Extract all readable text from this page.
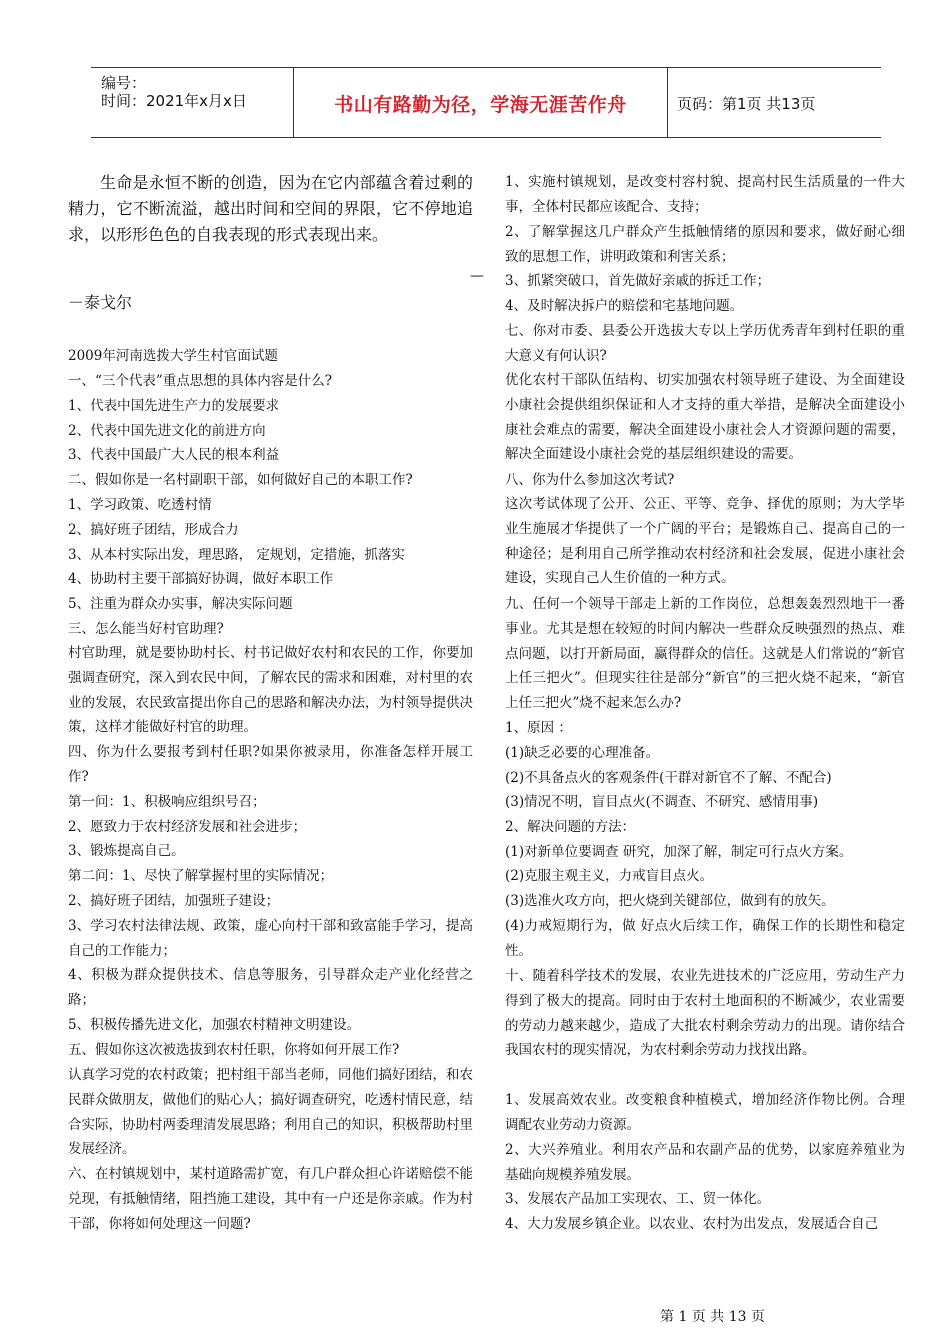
编号：
时间：2021年x月x日	书山有路勤为径，学海无涯苦作舟	页码：第1页 共13页
生命是永恒不断的创造，因为在它内部蕴含着过剩的精力，它不断流溢，越出时间和空间的界限，它不停地追求，以形形色色的自我表现的形式表现出来。
—
－泰戈尔

2009年河南选拨大学生村官面试题

一、“三个代表”重点思想的具体内容是什么?

1、代表中国先进生产力的发展要求

2、代表中国先进文化的前进方向

3、代表中国最广大人民的根本利益

二、假如你是一名村副职干部，如何做好自己的本职工作?

1、学习政策、吃透村情

2、搞好班子团结，形成合力

3、从本村实际出发，理思路， 定规划，定措施，抓落实

4、协助村主要干部搞好协调，做好本职工作

5、注重为群众办实事，解决实际问题

三、怎么能当好村官助理?

村官助理，就是要协助村长、村书记做好农村和农民的工作，你要加强调查研究，深入到农民中间，了解农民的需求和困难，对村里的农业的发展，农民致富提出你自己的思路和解决办法，为村领导提供决策，这样才能做好村官的助理。

四、你为什么要报考到村任职?如果你被录用，你准备怎样开展工作?

第一问：1、积极响应组织号召；

2、愿致力于农村经济发展和社会进步；

3、锻炼提高自己。

第二问：1、尽快了解掌握村里的实际情况；

2、搞好班子团结，加强班子建设；

3、学习农村法律法规、政策，虚心向村干部和致富能手学习，提高自己的工作能力；

4、积极为群众提供技术、信息等服务，引导群众走产业化经营之路；

5、积极传播先进文化，加强农村精神文明建设。

五、假如你这次被选拔到农村任职，你将如何开展工作?

认真学习党的农村政策；把村组干部当老师，同他们搞好团结，和农民群众做朋友，做他们的贴心人；搞好调查研究，吃透村情民意，结合实际，协助村两委理清发展思路；利用自己的知识，积极帮助村里发展经济。

六、在村镇规划中，某村道路需扩宽，有几户群众担心许诺赔偿不能兑现，有抵触情绪，阻挡施工建设，其中有一户还是你亲戚。作为村干部，你将如何处理这一问题?

1、实施村镇规划，是改变村容村貌、提高村民生活质量的一件大事，全体村民都应该配合、支持；

2、了解掌握这几户群众产生抵触情绪的原因和要求，做好耐心细致的思想工作，讲明政策和利害关系；

3、抓紧突破口，首先做好亲戚的拆迁工作；

4、及时解决拆户的赔偿和宅基地问题。

七、你对市委、县委公开选拔大专以上学历优秀青年到村任职的重大意义有何认识?

优化农村干部队伍结构、切实加强农村领导班子建设、为全面建设小康社会提供组织保证和人才支持的重大举措，是解决全面建设小康社会难点的需要，解决全面建设小康社会人才资源问题的需要，解决全面建设小康社会党的基层组织建设的需要。

八、你为什么参加这次考试?

这次考试体现了公开、公正、平等、竞争、择优的原则；为大学毕业生施展才华提供了一个广阔的平台；是锻炼自己、提高自己的一种途径；是利用自己所学推动农村经济和社会发展，促进小康社会建设，实现自己人生价值的一种方式。

九、任何一个领导干部走上新的工作岗位，总想轰轰烈烈地干一番事业。尤其是想在较短的时间内解决一些群众反映强烈的热点、难点问题，以打开新局面，赢得群众的信任。这就是人们常说的“新官上任三把火”。但现实往往是部分“新官”的三把火烧不起来，“新官上任三把火”烧不起来怎么办?

1、原因 ：

(1)缺乏必要的心理准备。

(2)不具备点火的客观条件(干群对新官不了解、不配合)

(3)情况不明，盲目点火(不调查、不研究、感情用事)

2、解决问题的方法：

(1)对新单位要调查 研究，加深了解，制定可行点火方案。

(2)克服主观主义，力戒盲目点火。

(3)选准火攻方向，把火烧到关键部位，做到有的放矢。

(4)力戒短期行为，做 好点火后续工作，确保工作的长期性和稳定性。

十、随着科学技术的发展，农业先进技术的广泛应用，劳动生产力得到了极大的提高。同时由于农村土地面积的不断减少，农业需要的劳动力越来越少，造成了大批农村剩余劳动力的出现。请你结合我国农村的现实情况，为农村剩余劳动力找找出路。

1、发展高效农业。改变粮食种植模式，增加经济作物比例。合理调配农业劳动力资源。

2、大兴养殖业。利用农产品和农副产品的优势，以家庭养殖业为基础向规模养殖发展。

3、发展农产品加工实现农、工、贸一体化。

4、大力发展乡镇企业。以农业、农村为出发点，发展适合自己

第 1 页 共 13 页
